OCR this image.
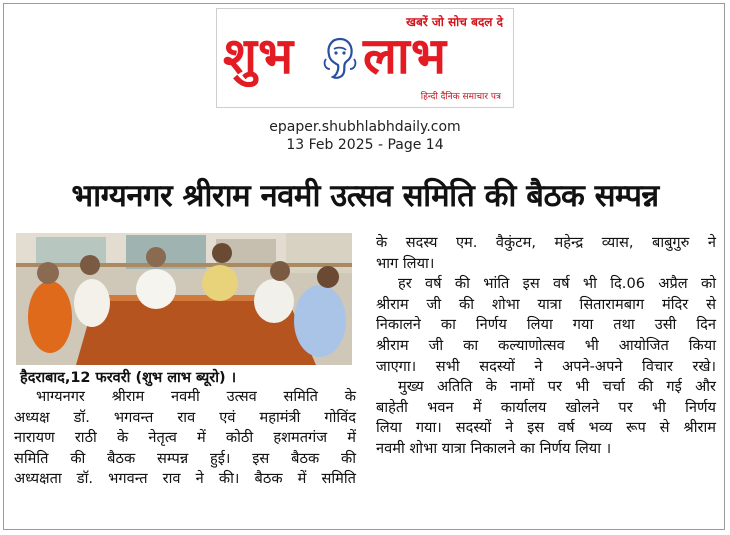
खबरें जो सोच बदल दे
शुभ लाभ
हिन्दी दैनिक समाचार पत्र
epaper.shubhlabhdaily.com
13 Feb 2025 - Page 14
भाग्यनगर श्रीराम नवमी उत्सव समिति की बैठक सम्पन्न
हैदराबाद,12 फरवरी (शुभ लाभ ब्यूरो) ।
भाग्यनगर श्रीराम नवमी उत्सव समिति के
अध्यक्ष डॉ. भगवन्त राव एवं महामंत्री गोविंद
नारायण राठी के नेतृत्व में कोठी हशमतगंज में
समिति की बैठक सम्पन्न हुई। इस बैठक की
अध्यक्षता डॉ. भगवन्त राव ने की। बैठक में समिति
के सदस्य एम. वैकुंटम, महेन्द्र व्यास, बाबुगुरु ने
भाग लिया।
हर वर्ष की भांति इस वर्ष भी दि.06 अप्रैल को
श्रीराम जी की शोभा यात्रा सितारामबाग मंदिर से
निकालने का निर्णय लिया गया तथा उसी दिन
श्रीराम जी का कल्याणोत्सव भी आयोजित किया
जाएगा। सभी सदस्यों ने अपने-अपने विचार रखे।
मुख्य अतिति के नामों पर भी चर्चा की गई और
बाहेती भवन में कार्यालय खोलने पर भी निर्णय
लिया गया। सदस्यों ने इस वर्ष भव्य रूप से श्रीराम
नवमी शोभा यात्रा निकालने का निर्णय लिया ।
